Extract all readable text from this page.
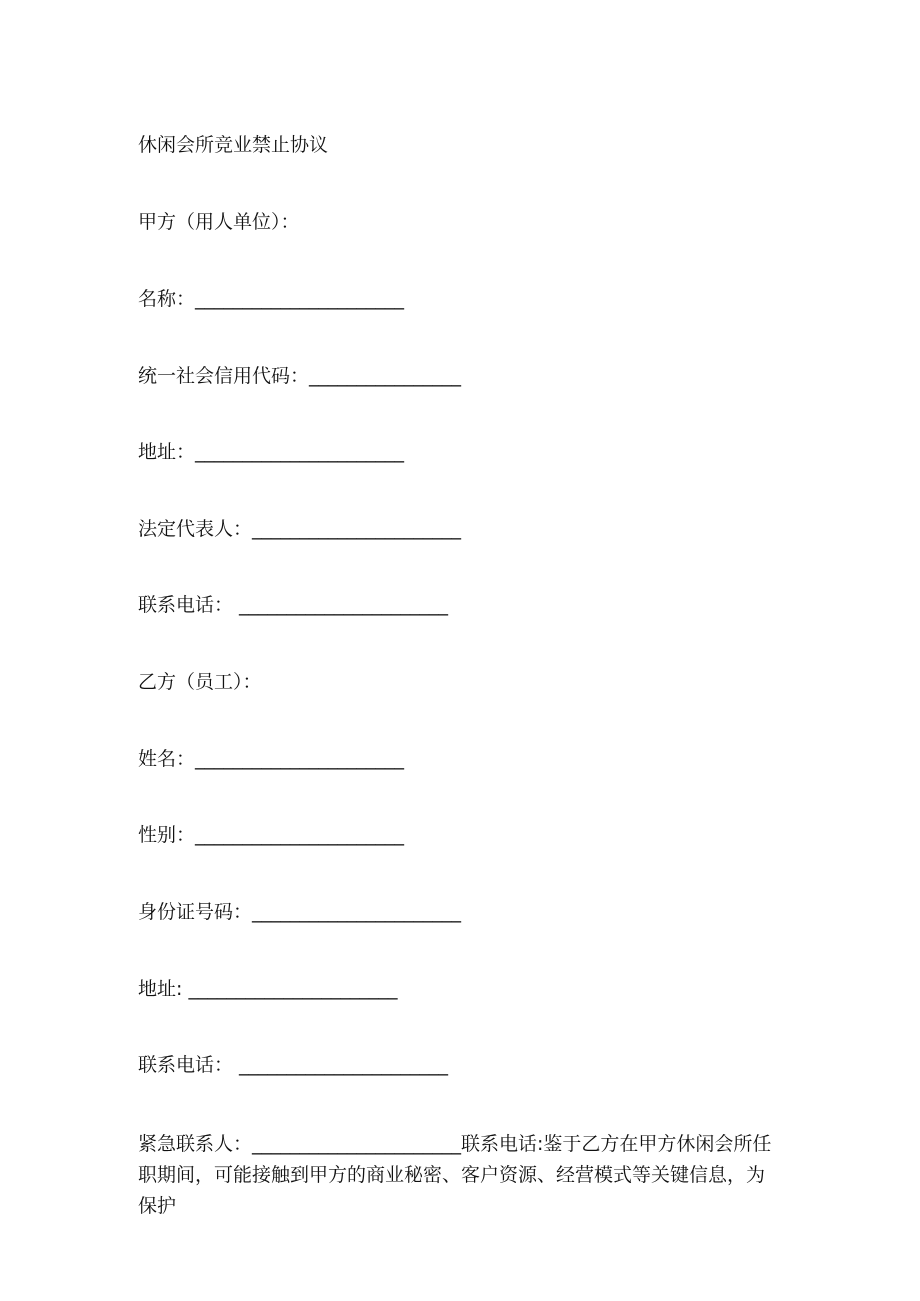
休闲会所竞业禁止协议
甲方（用人单位）：
名称：______________________
统一社会信用代码：________________
地址：______________________
法定代表人：______________________
联系电话： ______________________
乙方（员工）：
姓名：______________________
性别：______________________
身份证号码：______________________
地址: ______________________
联系电话： ______________________
紧急联系人：______________________联系电话:鉴于乙方在甲方休闲会所任职期间，可能接触到甲方的商业秘密、客户资源、经营模式等关键信息，为保护
